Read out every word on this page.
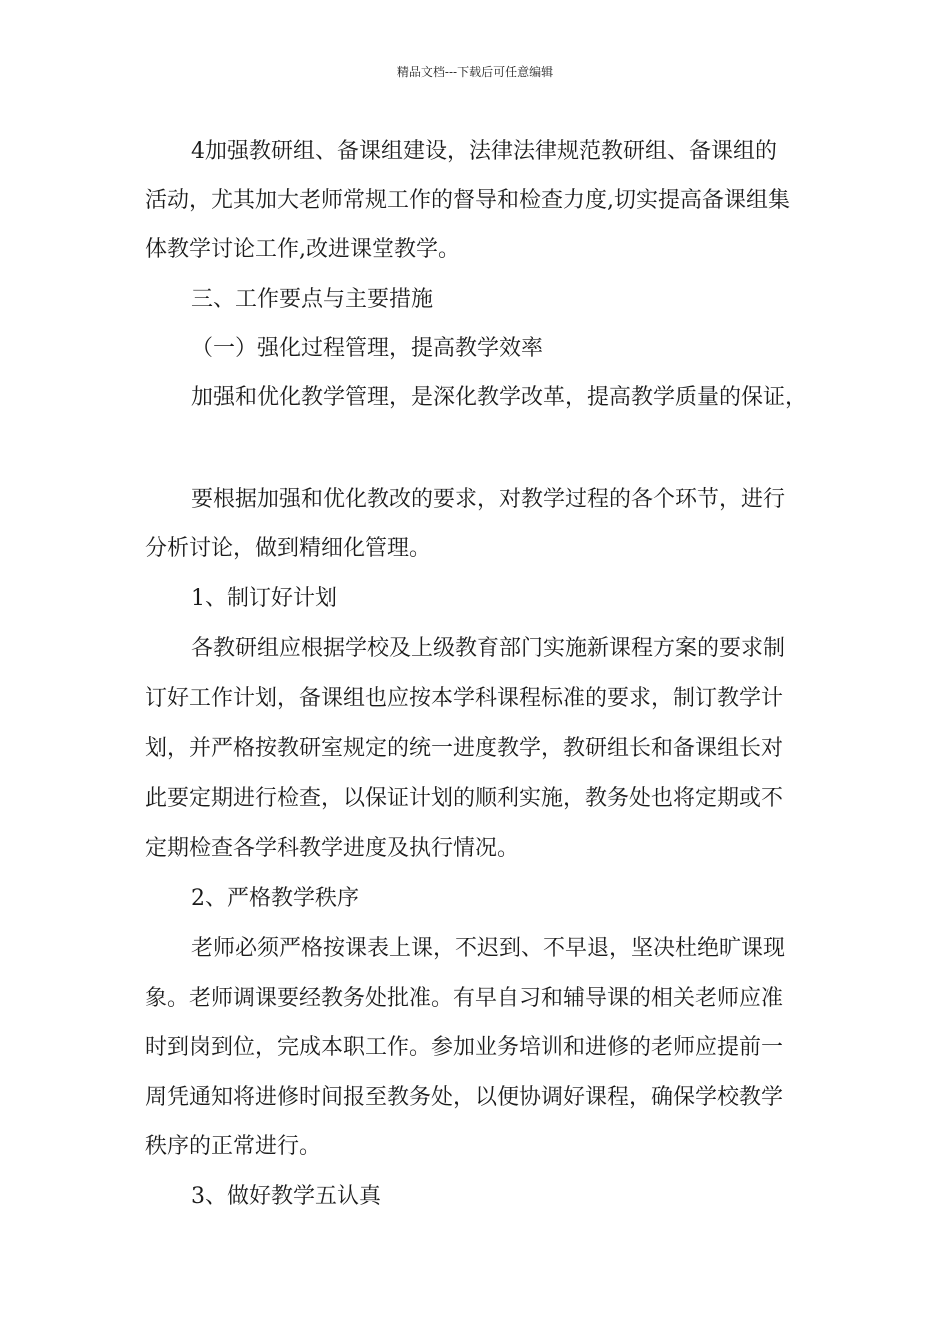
精品文档---下载后可任意编辑
4加强教研组、备课组建设，法律法律规范教研组、备课组的
活动，尤其加大老师常规工作的督导和检查力度,切实提高备课组集
体教学讨论工作,改进课堂教学。
三、工作要点与主要措施
（一）强化过程管理，提高教学效率
加强和优化教学管理，是深化教学改革，提高教学质量的保证，
要根据加强和优化教改的要求，对教学过程的各个环节，进行
分析讨论，做到精细化管理。
1、制订好计划
各教研组应根据学校及上级教育部门实施新课程方案的要求制
订好工作计划，备课组也应按本学科课程标准的要求，制订教学计
划，并严格按教研室规定的统一进度教学，教研组长和备课组长对
此要定期进行检查，以保证计划的顺利实施，教务处也将定期或不
定期检查各学科教学进度及执行情况。
2、严格教学秩序
老师必须严格按课表上课，不迟到、不早退，坚决杜绝旷课现
象。老师调课要经教务处批准。有早自习和辅导课的相关老师应准
时到岗到位，完成本职工作。参加业务培训和进修的老师应提前一
周凭通知将进修时间报至教务处，以便协调好课程，确保学校教学
秩序的正常进行。
3、做好教学五认真
